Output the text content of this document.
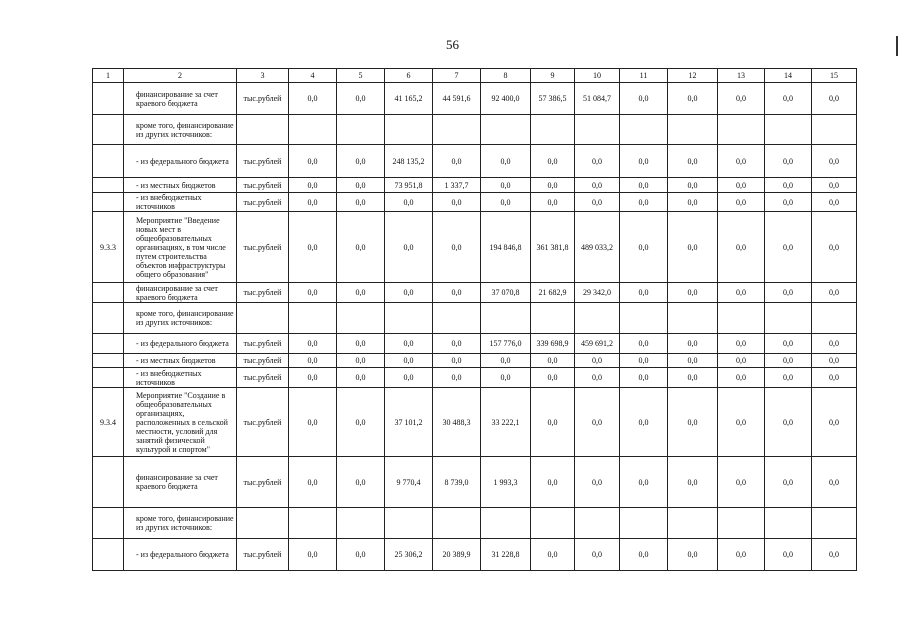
56
1	2	3	4	5	6	7	8	9	10	11	12	13	14	15
	финансирование за счет краевого бюджета	тыс.рублей	0,0	0,0	41 165,2	44 591,6	92 400,0	57 386,5	51 084,7	0,0	0,0	0,0	0,0	0,0
	кроме того, финансирование из других источников:													
	- из федерального бюджета	тыс.рублей	0,0	0,0	248 135,2	0,0	0,0	0,0	0,0	0,0	0,0	0,0	0,0	0,0
	- из местных бюджетов	тыс.рублей	0,0	0,0	73 951,8	1 337,7	0,0	0,0	0,0	0,0	0,0	0,0	0,0	0,0
	- из внебюджетных источников	тыс.рублей	0,0	0,0	0,0	0,0	0,0	0,0	0,0	0,0	0,0	0,0	0,0	0,0
9.3.3	Мероприятие "Введение новых мест в общеобразовательных организациях, в том числе путем строительства объектов инфраструктуры общего образования"	тыс.рублей	0,0	0,0	0,0	0,0	194 846,8	361 381,8	489 033,2	0,0	0,0	0,0	0,0	0,0
	финансирование за счет краевого бюджета	тыс.рублей	0,0	0,0	0,0	0,0	37 070,8	21 682,9	29 342,0	0,0	0,0	0,0	0,0	0,0
	кроме того, финансирование из других источников:													
	- из федерального бюджета	тыс.рублей	0,0	0,0	0,0	0,0	157 776,0	339 698,9	459 691,2	0,0	0,0	0,0	0,0	0,0
	- из местных бюджетов	тыс.рублей	0,0	0,0	0,0	0,0	0,0	0,0	0,0	0,0	0,0	0,0	0,0	0,0
	- из внебюджетных источников	тыс.рублей	0,0	0,0	0,0	0,0	0,0	0,0	0,0	0,0	0,0	0,0	0,0	0,0
9.3.4	Мероприятие "Создание в общеобразовательных организациях, расположенных в сельской местности, условий для занятий физической культурой и спортом"	тыс.рублей	0,0	0,0	37 101,2	30 488,3	33 222,1	0,0	0,0	0,0	0,0	0,0	0,0	0,0
	финансирование за счет краевого бюджета	тыс.рублей	0,0	0,0	9 770,4	8 739,0	1 993,3	0,0	0,0	0,0	0,0	0,0	0,0	0,0
	кроме того, финансирование из других источников:													
	- из федерального бюджета	тыс.рублей	0,0	0,0	25 306,2	20 389,9	31 228,8	0,0	0,0	0,0	0,0	0,0	0,0	0,0
